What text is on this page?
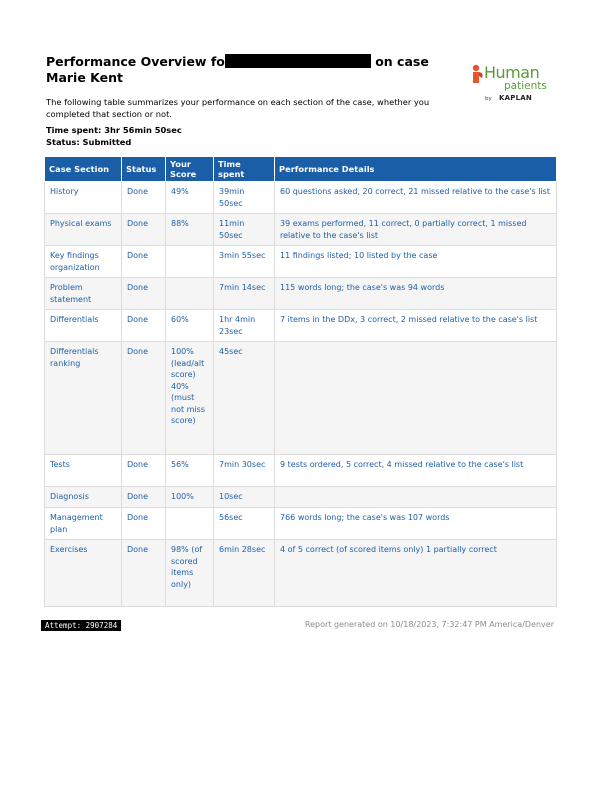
Performance Overview fo	on case Marie Kent	Human
patients
by KAPLAN
The following table summarizes your performance on each section of the case, whether you completed that section or not.
Time spent: 3hr 56min 50sec
Status: Submitted
Case Section	Status	Your Score	Time spent	Performance Details
History	Done	49%	39min 50sec	60 questions asked, 20 correct, 21 missed relative to the case's list
Physical exams	Done	88%	11min 50sec	39 exams performed, 11 correct, 0 partially correct, 1 missed relative to the case's list
Key findings organization	Done		3min 55sec	11 findings listed; 10 listed by the case
Problem statement	Done		7min 14sec	115 words long; the case's was 94 words
Differentials	Done	60%	1hr 4min 23sec	7 items in the DDx, 3 correct, 2 missed relative to the case's list
Differentials ranking	Done	100% (lead/alt score) 40% (must not miss score)	45sec	
Tests	Done	56%	7min 30sec	9 tests ordered, 5 correct, 4 missed relative to the case's list
Diagnosis	Done	100%	10sec	
Management plan	Done		56sec	766 words long; the case's was 107 words
Exercises	Done	98% (of scored items only)	6min 28sec	4 of 5 correct (of scored items only) 1 partially correct
Attempt: 2907284	Report generated on 10/18/2023, 7:32:47 PM America/Denver
